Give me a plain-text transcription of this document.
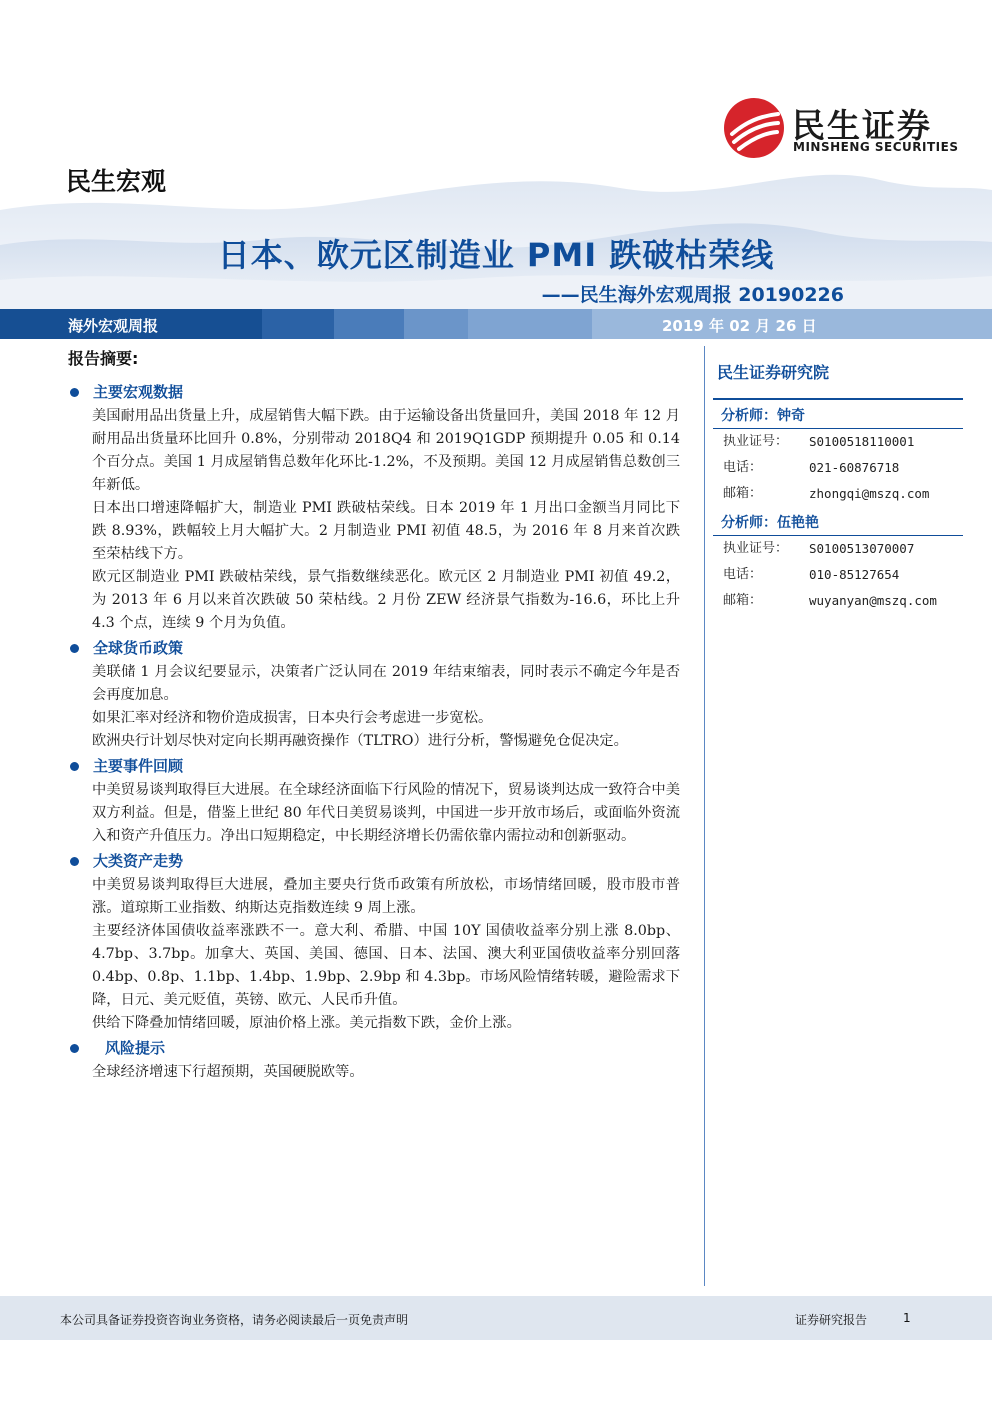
民生证券
MINSHENG SECURITIES
民生宏观
日本、欧元区制造业 PMI 跌破枯荣线
——民生海外宏观周报 20190226
海外宏观周报	2019 年 02 月 26 日
报告摘要:
主要宏观数据
美国耐用品出货量上升，成屋销售大幅下跌。由于运输设备出货量回升，美国 2018 年 12 月耐用品出货量环比回升 0.8%，分别带动 2018Q4 和 2019Q1GDP 预期提升 0.05 和 0.14 个百分点。美国 1 月成屋销售总数年化环比-1.2%，不及预期。美国 12 月成屋销售总数创三年新低。
日本出口增速降幅扩大，制造业 PMI 跌破枯荣线。日本 2019 年 1 月出口金额当月同比下跌 8.93%，跌幅较上月大幅扩大。2 月制造业 PMI 初值 48.5，为 2016 年 8 月来首次跌至荣枯线下方。
欧元区制造业 PMI 跌破枯荣线，景气指数继续恶化。欧元区 2 月制造业 PMI 初值 49.2，为 2013 年 6 月以来首次跌破 50 荣枯线。2 月份 ZEW 经济景气指数为-16.6，环比上升 4.3 个点，连续 9 个月为负值。
全球货币政策
美联储 1 月会议纪要显示，决策者广泛认同在 2019 年结束缩表，同时表示不确定今年是否会再度加息。
如果汇率对经济和物价造成损害，日本央行会考虑进一步宽松。
欧洲央行计划尽快对定向长期再融资操作（TLTRO）进行分析，警惕避免仓促决定。
主要事件回顾
中美贸易谈判取得巨大进展。在全球经济面临下行风险的情况下，贸易谈判达成一致符合中美双方利益。但是，借鉴上世纪 80 年代日美贸易谈判，中国进一步开放市场后，或面临外资流入和资产升值压力。净出口短期稳定，中长期经济增长仍需依靠内需拉动和创新驱动。
大类资产走势
中美贸易谈判取得巨大进展，叠加主要央行货币政策有所放松，市场情绪回暖，股市股市普涨。道琼斯工业指数、纳斯达克指数连续 9 周上涨。
主要经济体国债收益率涨跌不一。意大利、希腊、中国 10Y 国债收益率分别上涨 8.0bp、4.7bp、3.7bp。加拿大、英国、美国、德国、日本、法国、澳大利亚国债收益率分别回落 0.4bp、0.8p、1.1bp、1.4bp、1.9bp、2.9bp 和 4.3bp。市场风险情绪转暖，避险需求下降，日元、美元贬值，英镑、欧元、人民币升值。
供给下降叠加情绪回暖，原油价格上涨。美元指数下跌，金价上涨。
风险提示
全球经济增速下行超预期，英国硬脱欧等。
民生证券研究院
分析师：钟奇
执业证号： S0100518110001
电话：	021-60876718
邮箱：	zhongqi@mszq.com
分析师：伍艳艳
执业证号： S0100513070007
电话：	010-85127654
邮箱：	wuyanyan@mszq.com
本公司具备证券投资咨询业务资格，请务必阅读最后一页免责声明	证券研究报告	1
